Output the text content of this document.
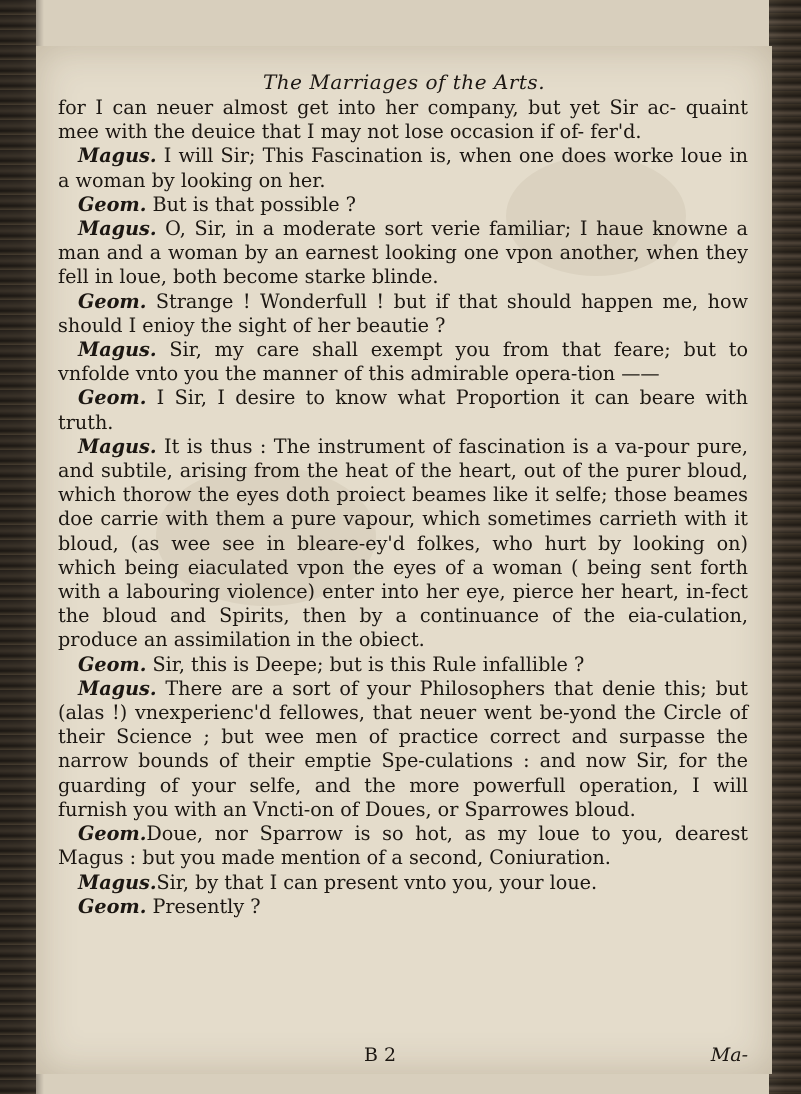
The Marriages of the Arts.

for I can neuer almost get into her company, but yet Sir ac- quaint mee with the deuice that I may not lose occasion if of- fer'd.

Magus. I will Sir; This Fascination is, when one does worke loue in a woman by looking on her.

Geom. But is that possible ?

Magus. O, Sir, in a moderate sort verie familiar; I haue knowne a man and a woman by an earnest looking one vpon another, when they fell in loue, both become starke blinde.

Geom. Strange ! Wonderfull ! but if that should happen me, how should I enioy the sight of her beautie ?

Magus. Sir, my care shall exempt you from that feare; but to vnfolde vnto you the manner of this admirable opera-tion ——

Geom. I Sir, I desire to know what Proportion it can beare with truth.

Magus. It is thus : The instrument of fascination is a va-pour pure, and subtile, arising from the heat of the heart, out of the purer bloud, which thorow the eyes doth proiect beames like it selfe; those beames doe carrie with them a pure vapour, which sometimes carrieth with it bloud, (as wee see in bleare-ey'd folkes, who hurt by looking on) which being eiaculated vpon the eyes of a woman ( being sent forth with a labouring violence) enter into her eye, pierce her heart, in-fect the bloud and Spirits, then by a continuance of the eia-culation, produce an assimilation in the obiect.

Geom. Sir, this is Deepe; but is this Rule infallible ?

Magus. There are a sort of your Philosophers that denie this; but (alas !) vnexperienc'd fellowes, that neuer went be-yond the Circle of their Science ; but wee men of practice correct and surpasse the narrow bounds of their emptie Spe-culations : and now Sir, for the guarding of your selfe, and the more powerfull operation, I will furnish you with an Vncti-on of Doues, or Sparrowes bloud.

Geom.Doue, nor Sparrow is so hot, as my loue to you, dearest Magus : but you made mention of a second, Coniuration.

Magus.Sir, by that I can present vnto you, your loue.

Geom. Presently ?

B 2	Ma-
